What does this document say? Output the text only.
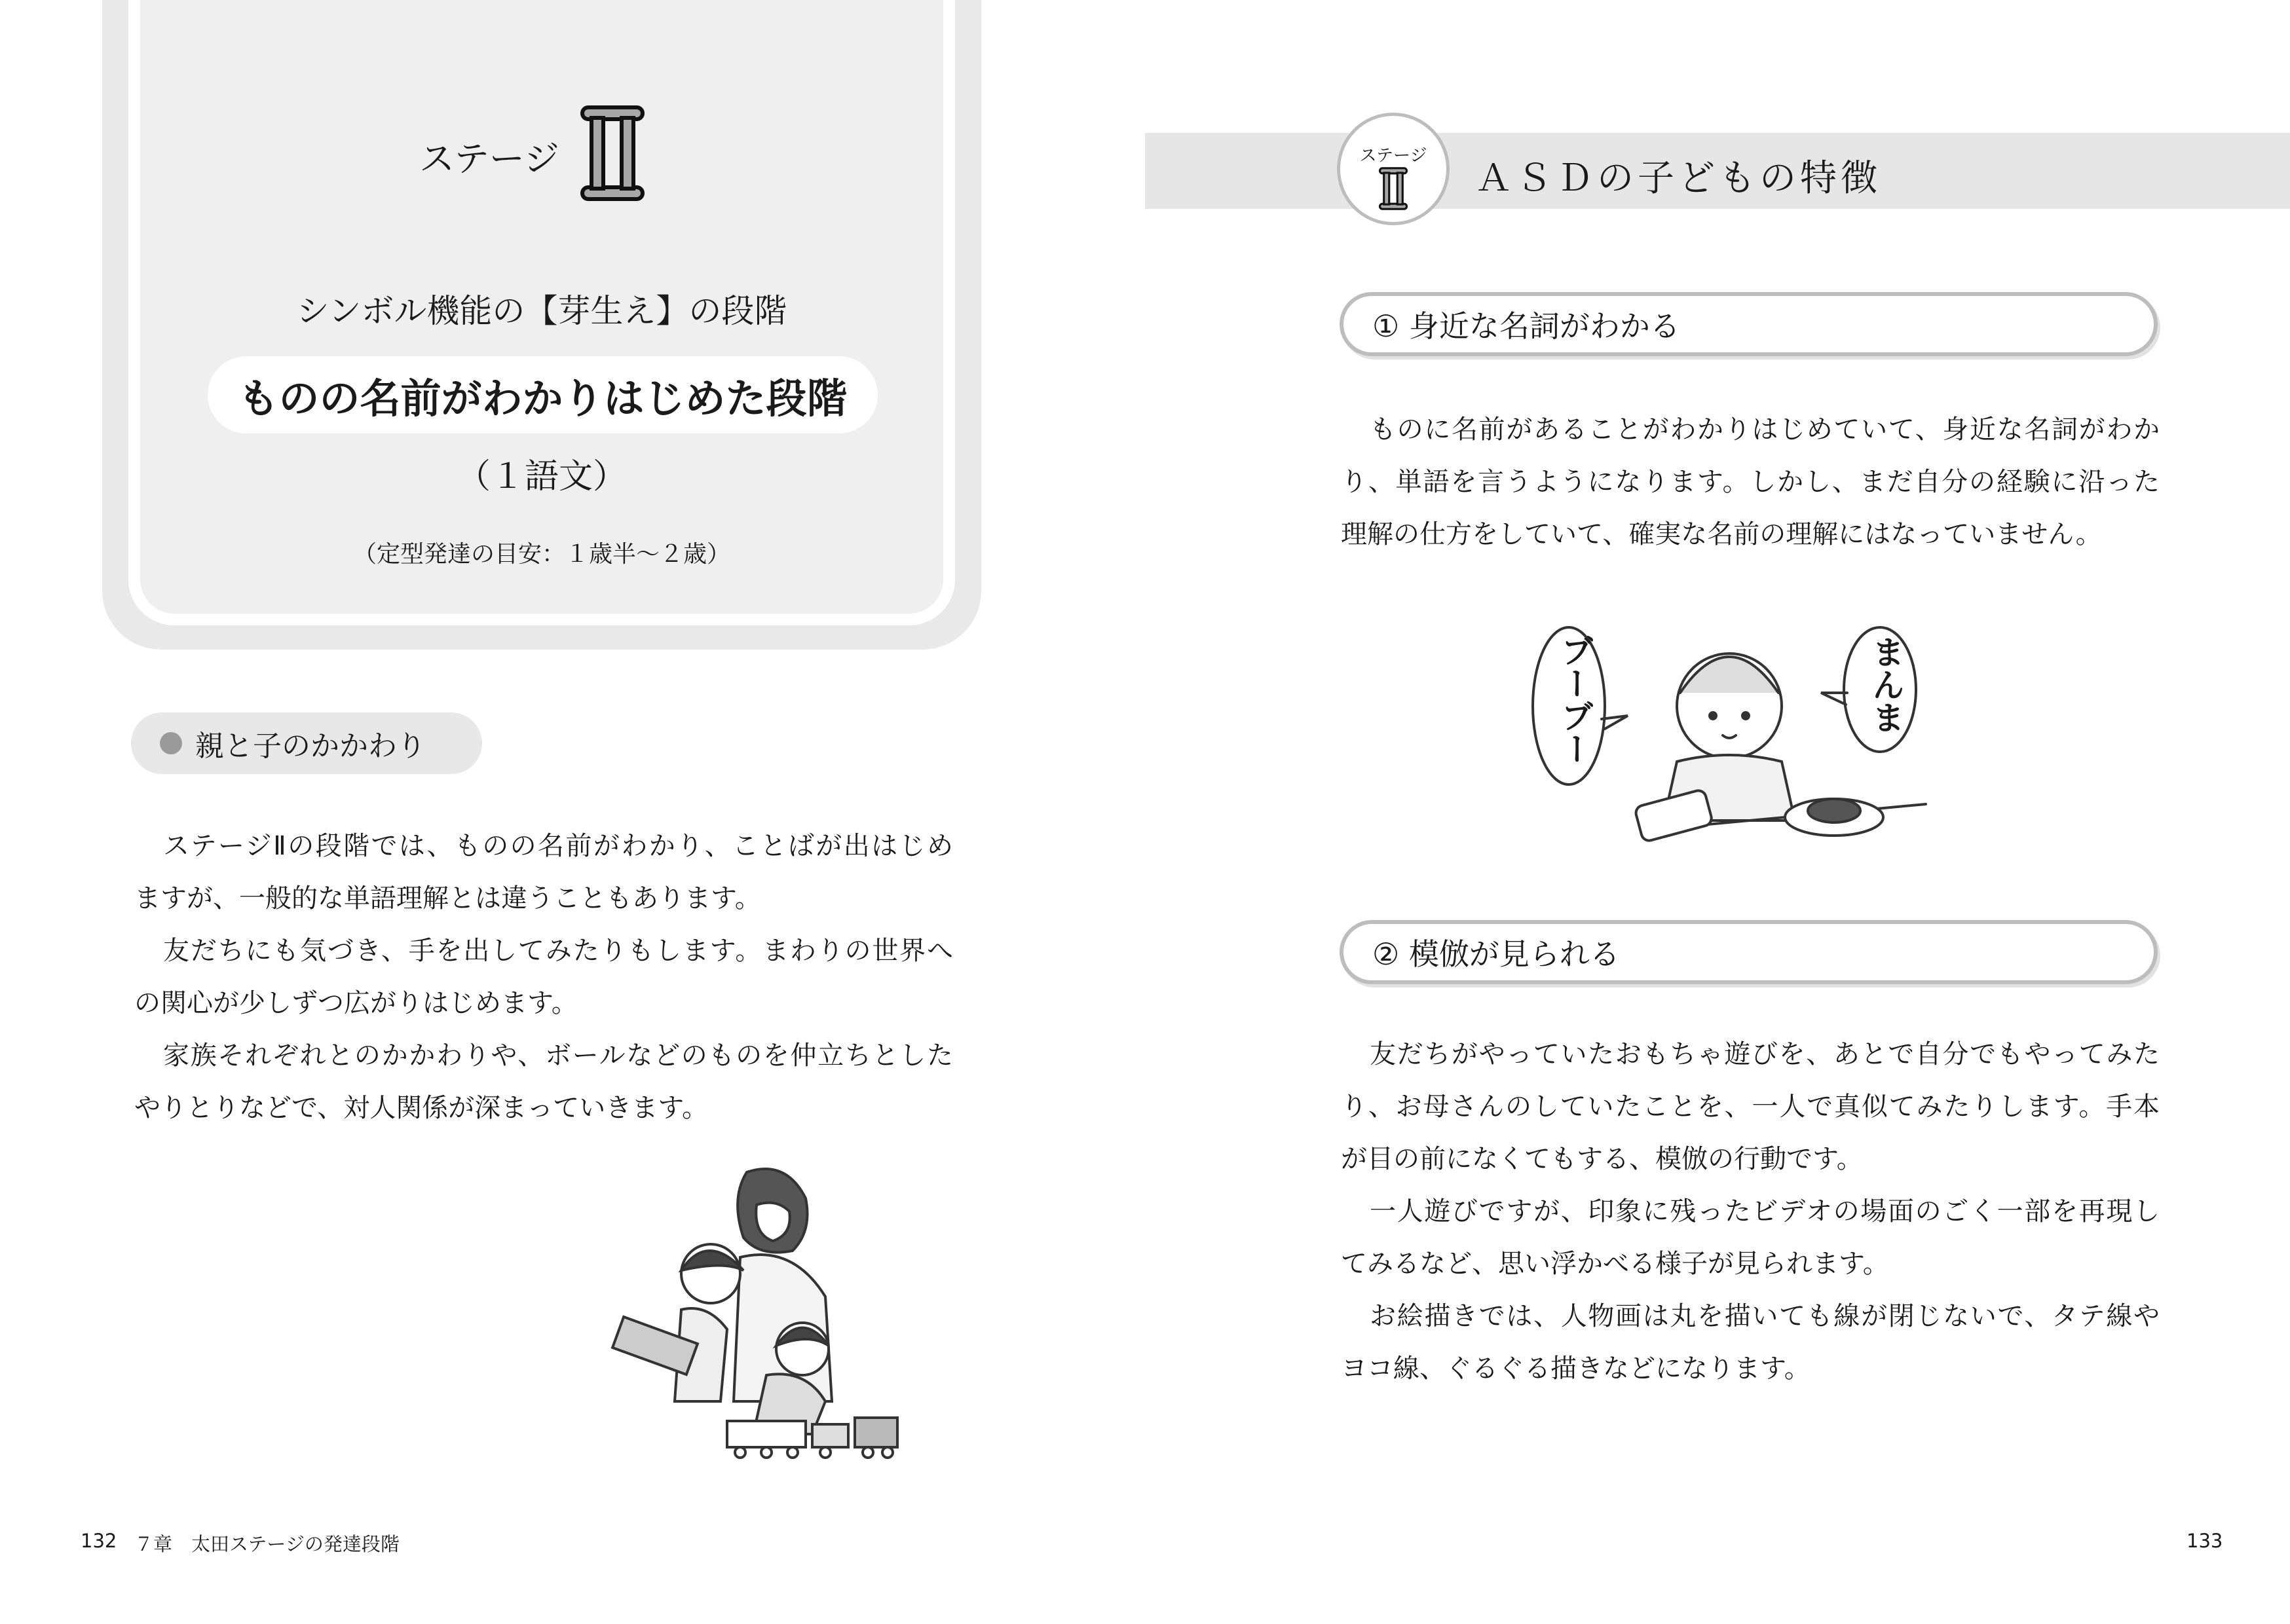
ステージ
II
シンボル機能の【芽生え】の段階
ものの名前がわかりはじめた段階
（１語文）
（定型発達の目安：１歳半～２歳）
親と子のかかわり
ステージⅡの段階では、ものの名前がわかり、ことばが出はじめ
ますが、一般的な単語理解とは違うこともあります。
友だちにも気づき、手を出してみたりもします。まわりの世界へ
の関心が少しずつ広がりはじめます。
家族それぞれとのかかわりや、ボールなどのものを仲立ちとした
やりとりなどで、対人関係が深まっていきます。
132 ７章　太田ステージの発達段階
ステージ
ＡＳＤの子どもの特徴
① 身近な名詞がわかる
ものに名前があることがわかりはじめていて、身近な名詞がわか
り、単語を言うようになります。しかし、まだ自分の経験に沿った
理解の仕方をしていて、確実な名前の理解にはなっていません。
ブーブー	まんま
② 模倣が見られる
友だちがやっていたおもちゃ遊びを、あとで自分でもやってみた
り、お母さんのしていたことを、一人で真似てみたりします。手本
が目の前になくてもする、模倣の行動です。
一人遊びですが、印象に残ったビデオの場面のごく一部を再現し
てみるなど、思い浮かべる様子が見られます。
お絵描きでは、人物画は丸を描いても線が閉じないで、タテ線や
ヨコ線、ぐるぐる描きなどになります。
133
